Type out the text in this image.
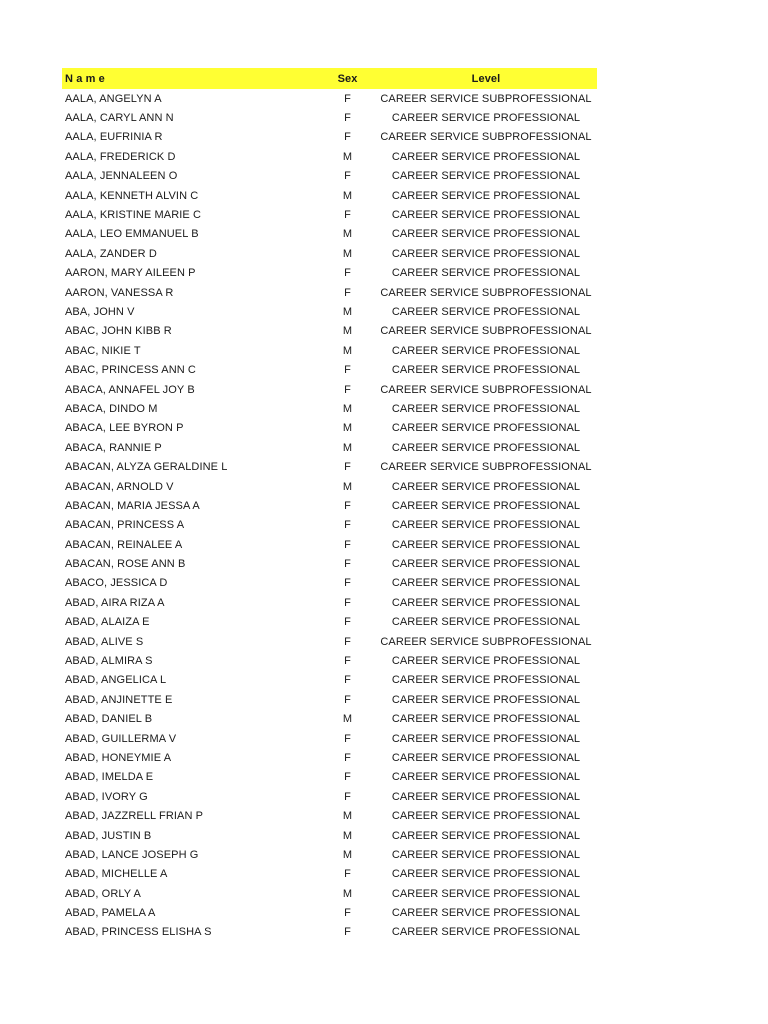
N a m e	Sex	Level
AALA, ANGELYN A	F	CAREER SERVICE SUBPROFESSIONAL
AALA, CARYL ANN N	F	CAREER SERVICE PROFESSIONAL
AALA, EUFRINIA R	F	CAREER SERVICE SUBPROFESSIONAL
AALA, FREDERICK D	M	CAREER SERVICE PROFESSIONAL
AALA, JENNALEEN O	F	CAREER SERVICE PROFESSIONAL
AALA, KENNETH ALVIN C	M	CAREER SERVICE PROFESSIONAL
AALA, KRISTINE MARIE C	F	CAREER SERVICE PROFESSIONAL
AALA, LEO EMMANUEL B	M	CAREER SERVICE PROFESSIONAL
AALA, ZANDER D	M	CAREER SERVICE PROFESSIONAL
AARON, MARY AILEEN P	F	CAREER SERVICE PROFESSIONAL
AARON, VANESSA R	F	CAREER SERVICE SUBPROFESSIONAL
ABA, JOHN V	M	CAREER SERVICE PROFESSIONAL
ABAC, JOHN KIBB R	M	CAREER SERVICE SUBPROFESSIONAL
ABAC, NIKIE T	M	CAREER SERVICE PROFESSIONAL
ABAC, PRINCESS ANN C	F	CAREER SERVICE PROFESSIONAL
ABACA, ANNAFEL JOY B	F	CAREER SERVICE SUBPROFESSIONAL
ABACA, DINDO M	M	CAREER SERVICE PROFESSIONAL
ABACA, LEE BYRON P	M	CAREER SERVICE PROFESSIONAL
ABACA, RANNIE P	M	CAREER SERVICE PROFESSIONAL
ABACAN, ALYZA GERALDINE L	F	CAREER SERVICE SUBPROFESSIONAL
ABACAN, ARNOLD V	M	CAREER SERVICE PROFESSIONAL
ABACAN, MARIA JESSA A	F	CAREER SERVICE PROFESSIONAL
ABACAN, PRINCESS A	F	CAREER SERVICE PROFESSIONAL
ABACAN, REINALEE A	F	CAREER SERVICE PROFESSIONAL
ABACAN, ROSE ANN B	F	CAREER SERVICE PROFESSIONAL
ABACO, JESSICA D	F	CAREER SERVICE PROFESSIONAL
ABAD, AIRA RIZA A	F	CAREER SERVICE PROFESSIONAL
ABAD, ALAIZA E	F	CAREER SERVICE PROFESSIONAL
ABAD, ALIVE S	F	CAREER SERVICE SUBPROFESSIONAL
ABAD, ALMIRA S	F	CAREER SERVICE PROFESSIONAL
ABAD, ANGELICA L	F	CAREER SERVICE PROFESSIONAL
ABAD, ANJINETTE E	F	CAREER SERVICE PROFESSIONAL
ABAD, DANIEL B	M	CAREER SERVICE PROFESSIONAL
ABAD, GUILLERMA V	F	CAREER SERVICE PROFESSIONAL
ABAD, HONEYMIE A	F	CAREER SERVICE PROFESSIONAL
ABAD, IMELDA E	F	CAREER SERVICE PROFESSIONAL
ABAD, IVORY G	F	CAREER SERVICE PROFESSIONAL
ABAD, JAZZRELL FRIAN P	M	CAREER SERVICE PROFESSIONAL
ABAD, JUSTIN B	M	CAREER SERVICE PROFESSIONAL
ABAD, LANCE JOSEPH G	M	CAREER SERVICE PROFESSIONAL
ABAD, MICHELLE A	F	CAREER SERVICE PROFESSIONAL
ABAD, ORLY A	M	CAREER SERVICE PROFESSIONAL
ABAD, PAMELA A	F	CAREER SERVICE PROFESSIONAL
ABAD, PRINCESS ELISHA S	F	CAREER SERVICE PROFESSIONAL
